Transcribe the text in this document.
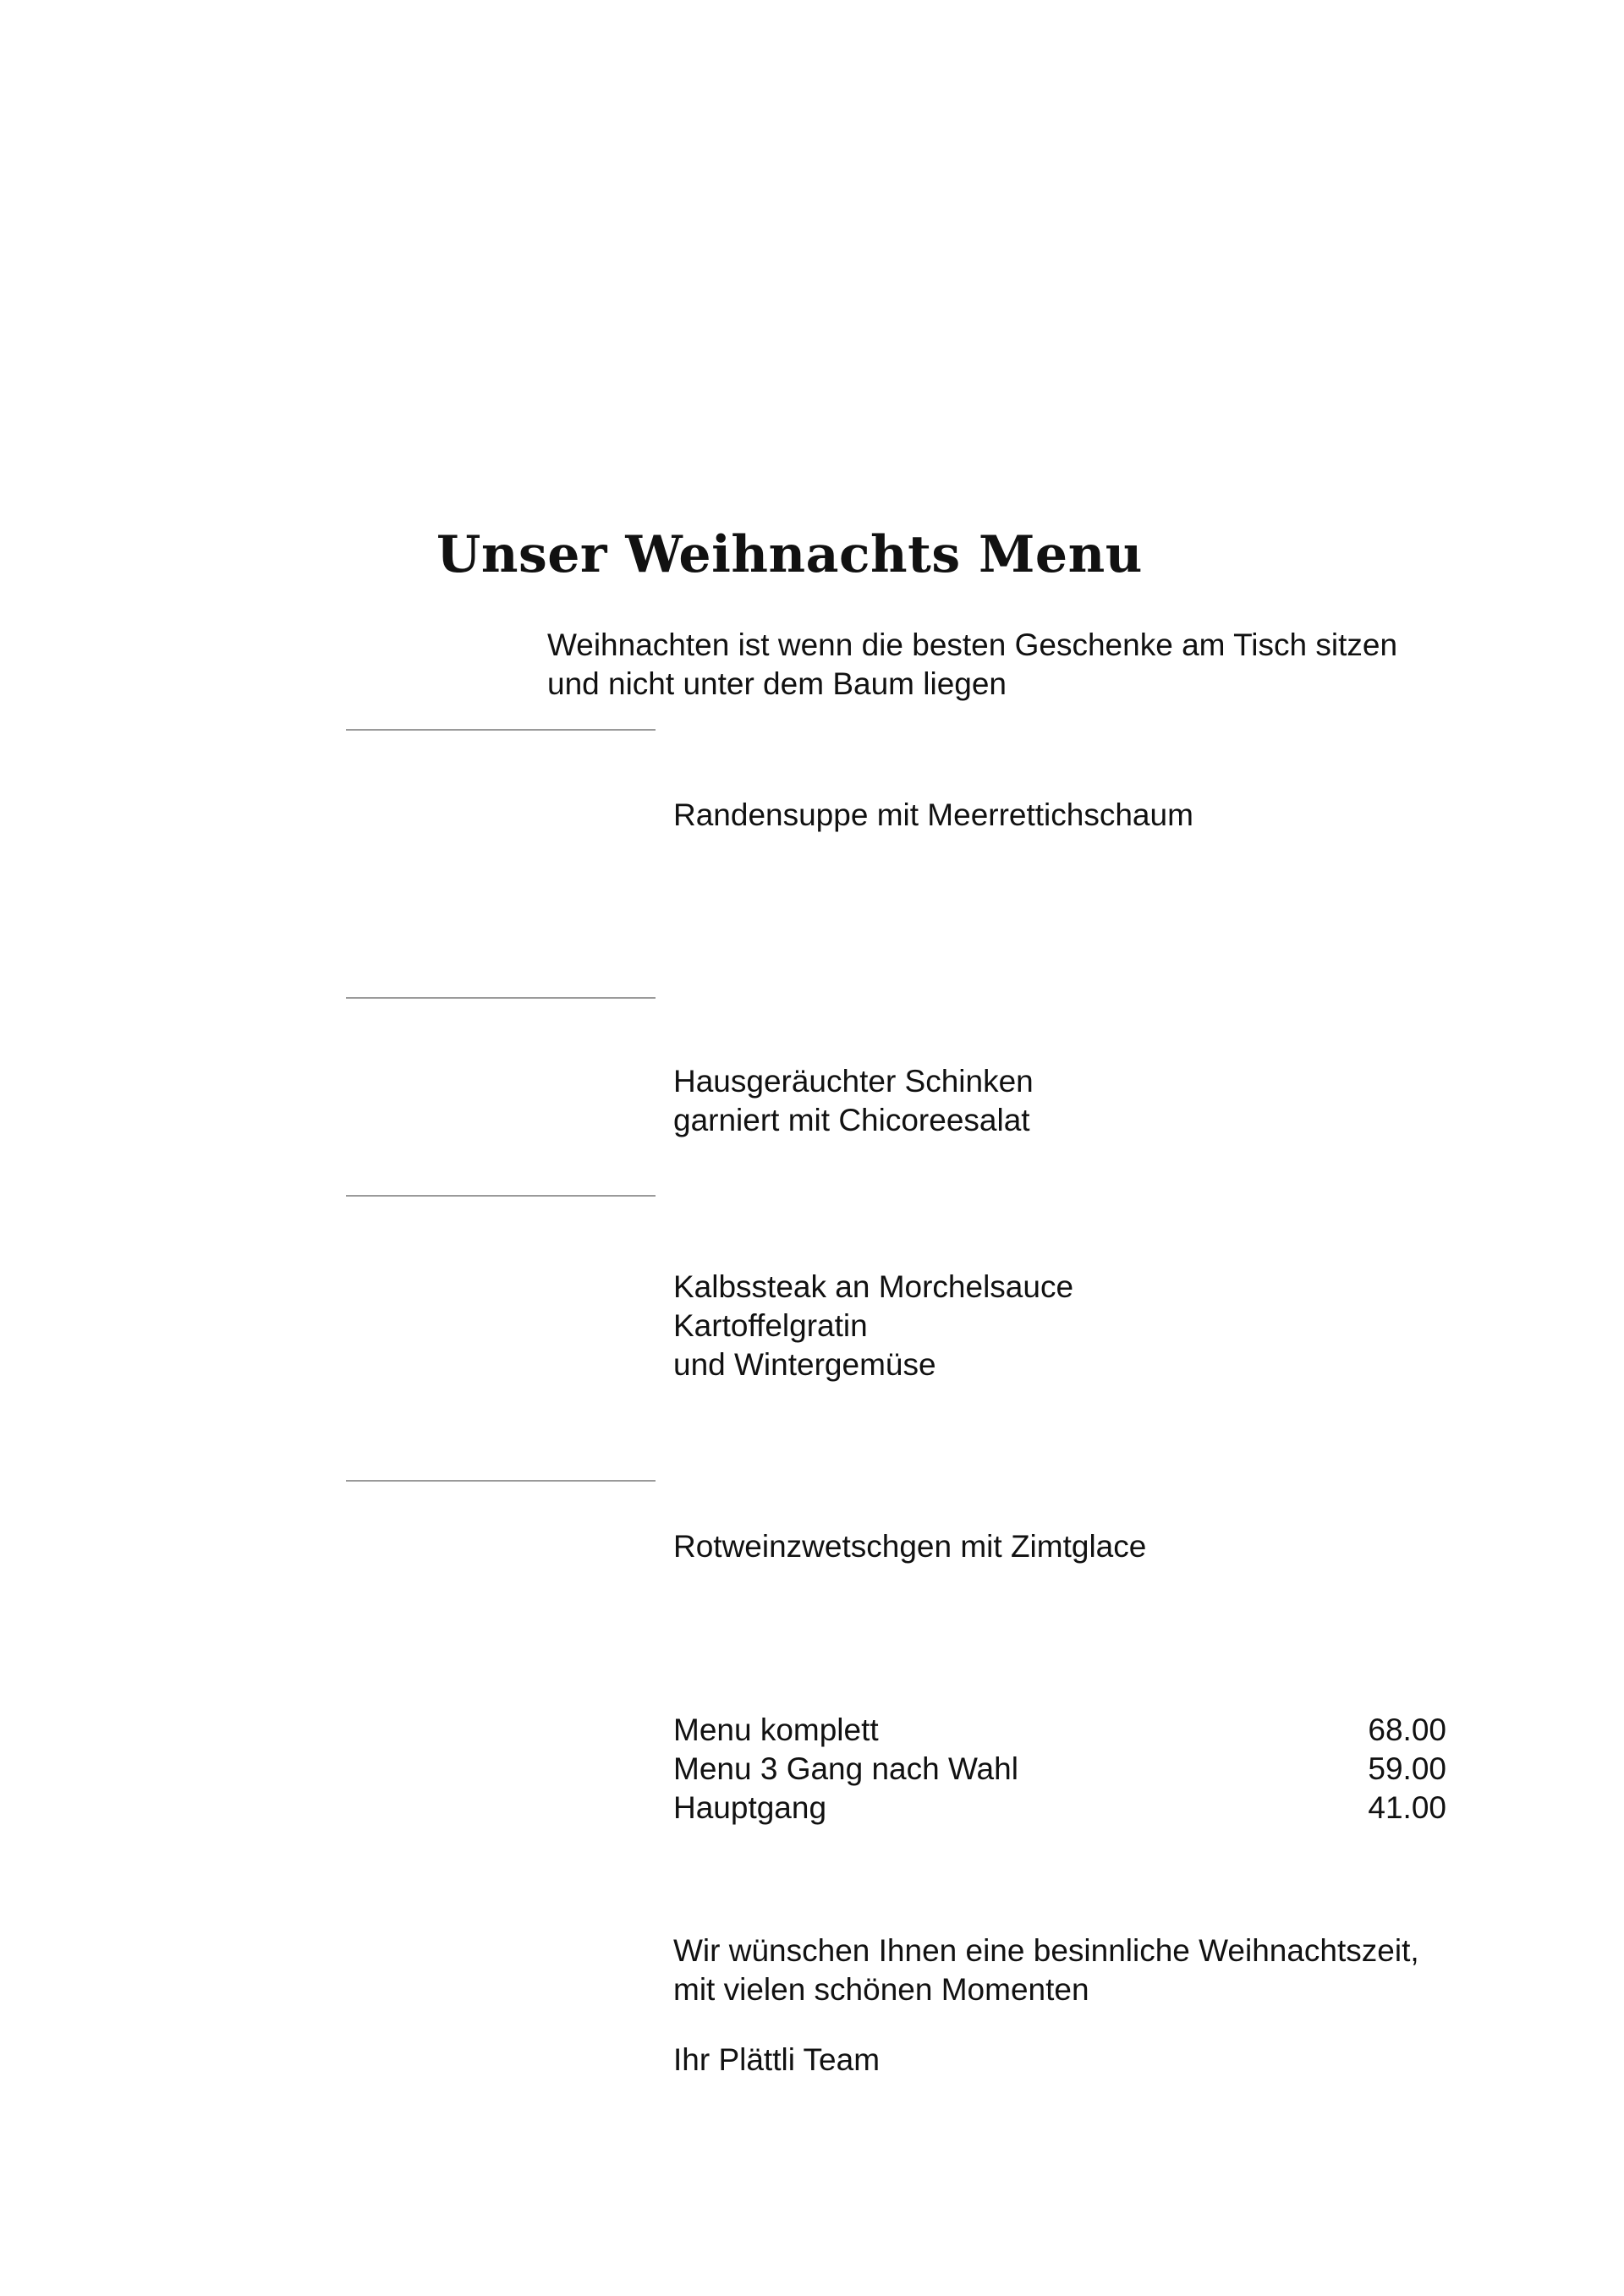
Unser Weihnachts Menu
Weihnachten ist wenn die besten Geschenke am Tisch sitzen
und nicht unter dem Baum liegen
Randensuppe mit Meerrettichschaum
Hausgeräuchter Schinken
garniert mit Chicoreesalat
Kalbssteak an Morchelsauce
Kartoffelgratin
und Wintergemüse
Rotweinzwetschgen mit Zimtglace
Menu komplett	68.00
Menu 3 Gang nach Wahl	59.00
Hauptgang	41.00
Wir wünschen Ihnen eine besinnliche Weihnachtszeit,
mit vielen schönen Momenten
Ihr Plättli Team
